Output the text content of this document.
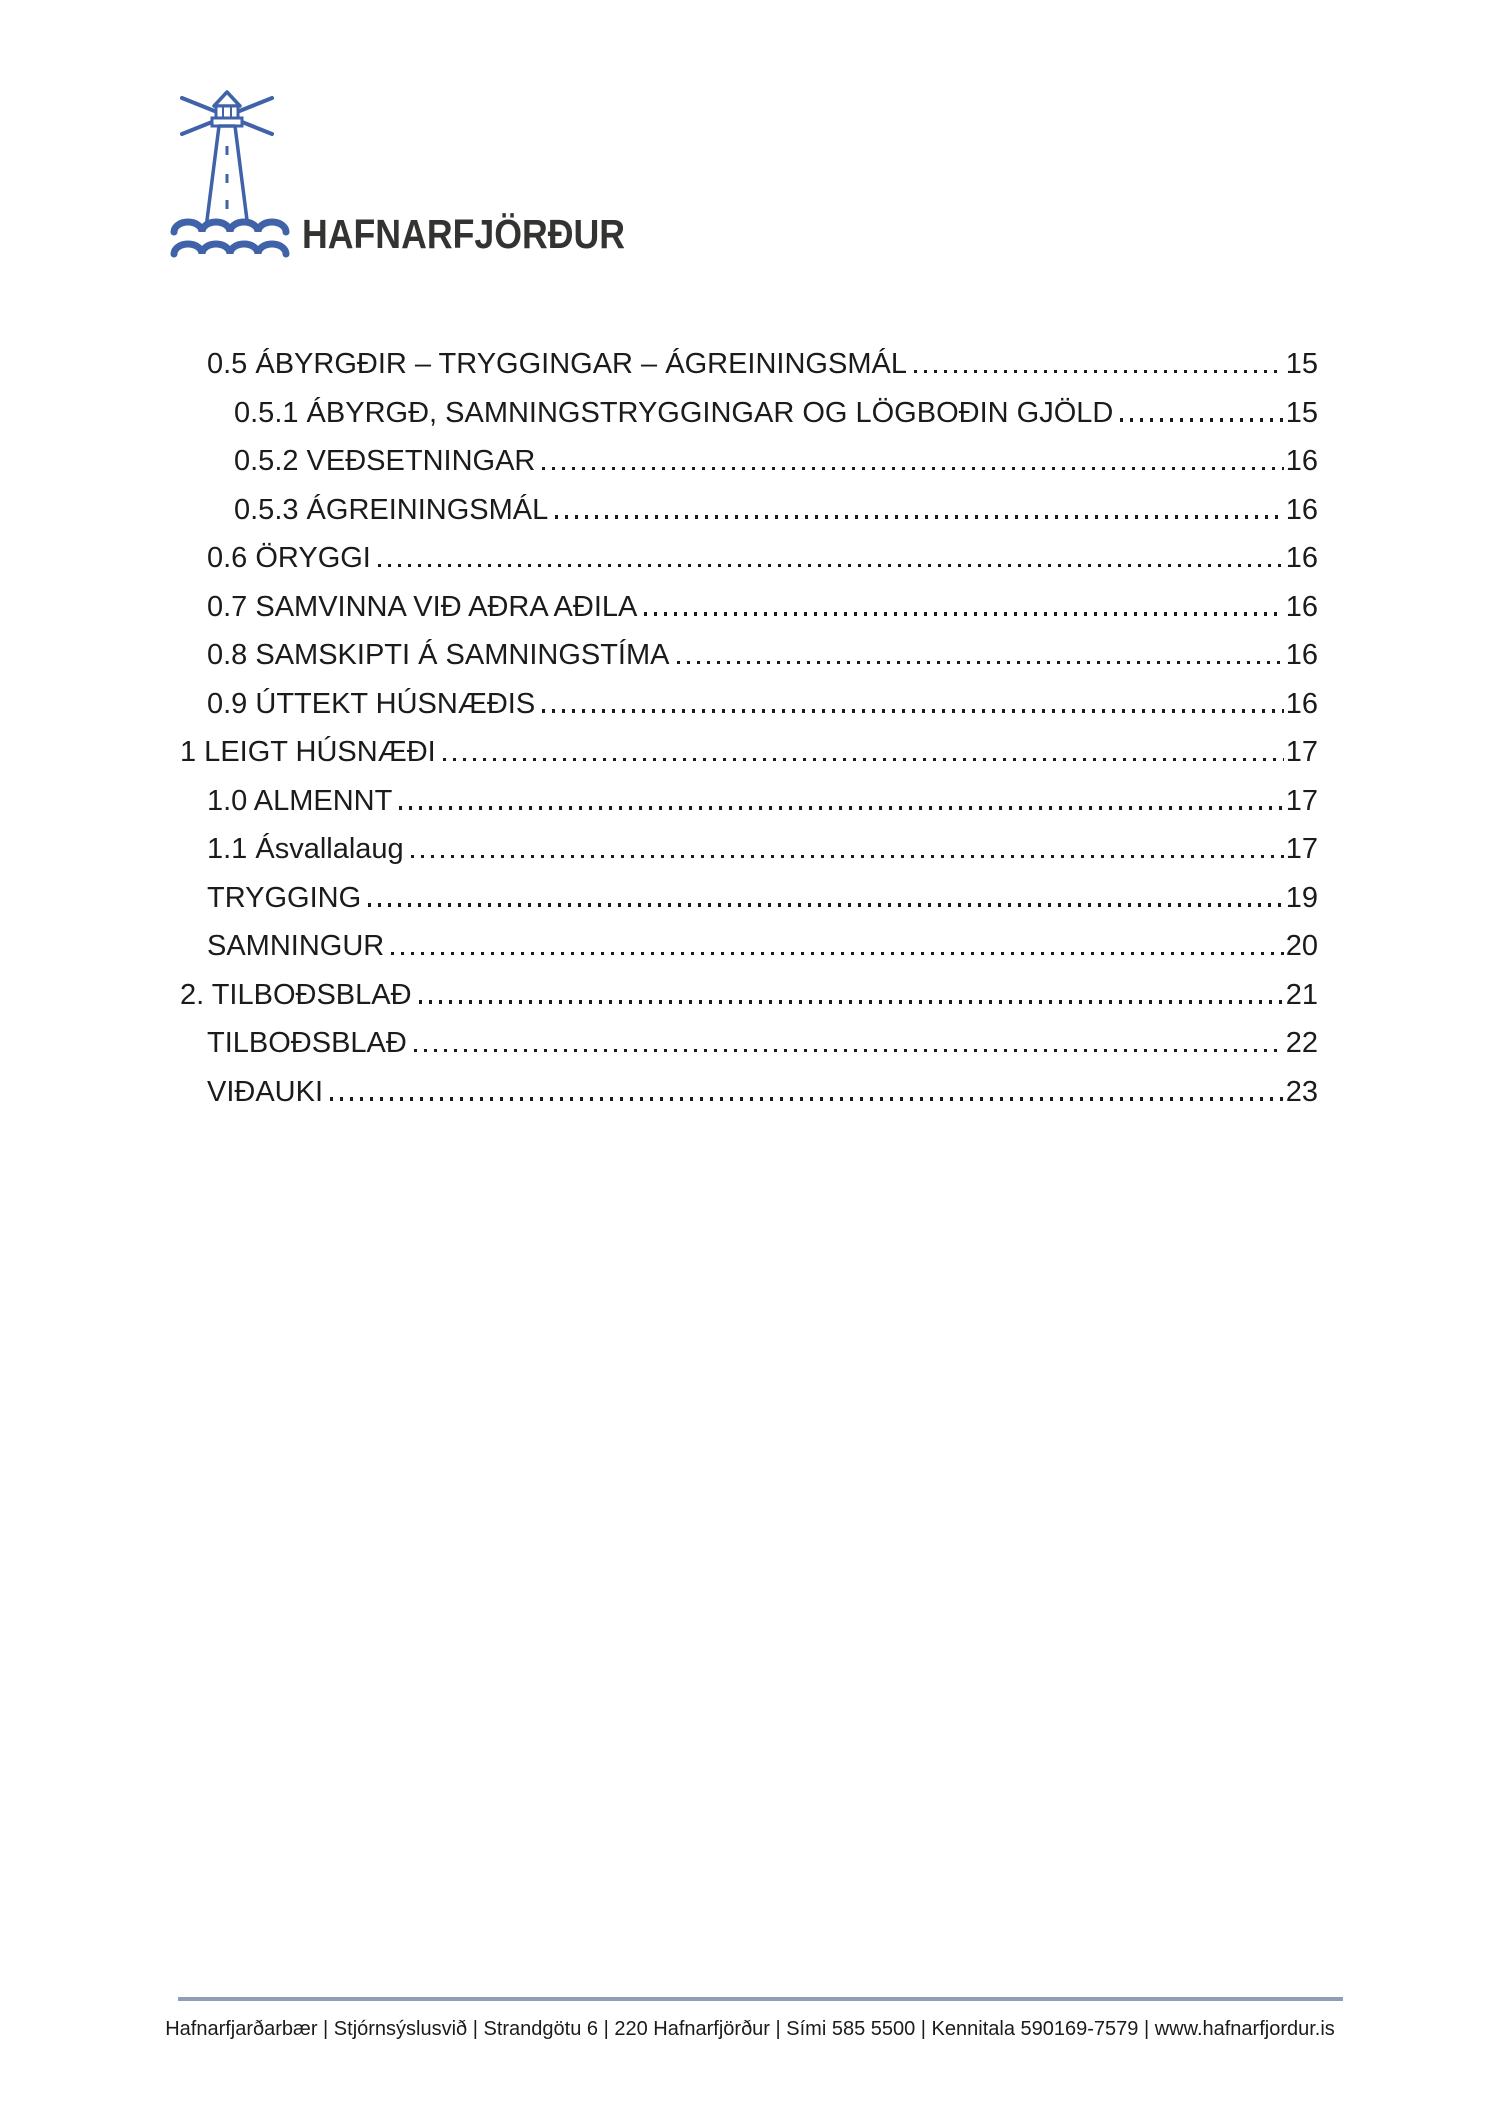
HAFNARFJÖRÐUR
0.5 ÁBYRGÐIR – TRYGGINGAR – ÁGREININGSMÁL	15
0.5.1 ÁBYRGÐ, SAMNINGSTRYGGINGAR OG LÖGBOÐIN GJÖLD	15
0.5.2 VEÐSETNINGAR	16
0.5.3 ÁGREININGSMÁL	16
0.6 ÖRYGGI	16
0.7 SAMVINNA VIÐ AÐRA AÐILA	16
0.8 SAMSKIPTI Á SAMNINGSTÍMA	16
0.9 ÚTTEKT HÚSNÆÐIS	16
1 LEIGT HÚSNÆÐI	17
1.0 ALMENNT	17
1.1 Ásvallalaug	17
TRYGGING	19
SAMNINGUR	20
2. TILBOÐSBLAÐ	21
TILBOÐSBLAÐ	22
VIÐAUKI	23
Hafnarfjarðarbær | Stjórnsýslusvið | Strandgötu 6 | 220 Hafnarfjörður | Sími 585 5500 | Kennitala 590169-7579 | www.hafnarfjordur.is
